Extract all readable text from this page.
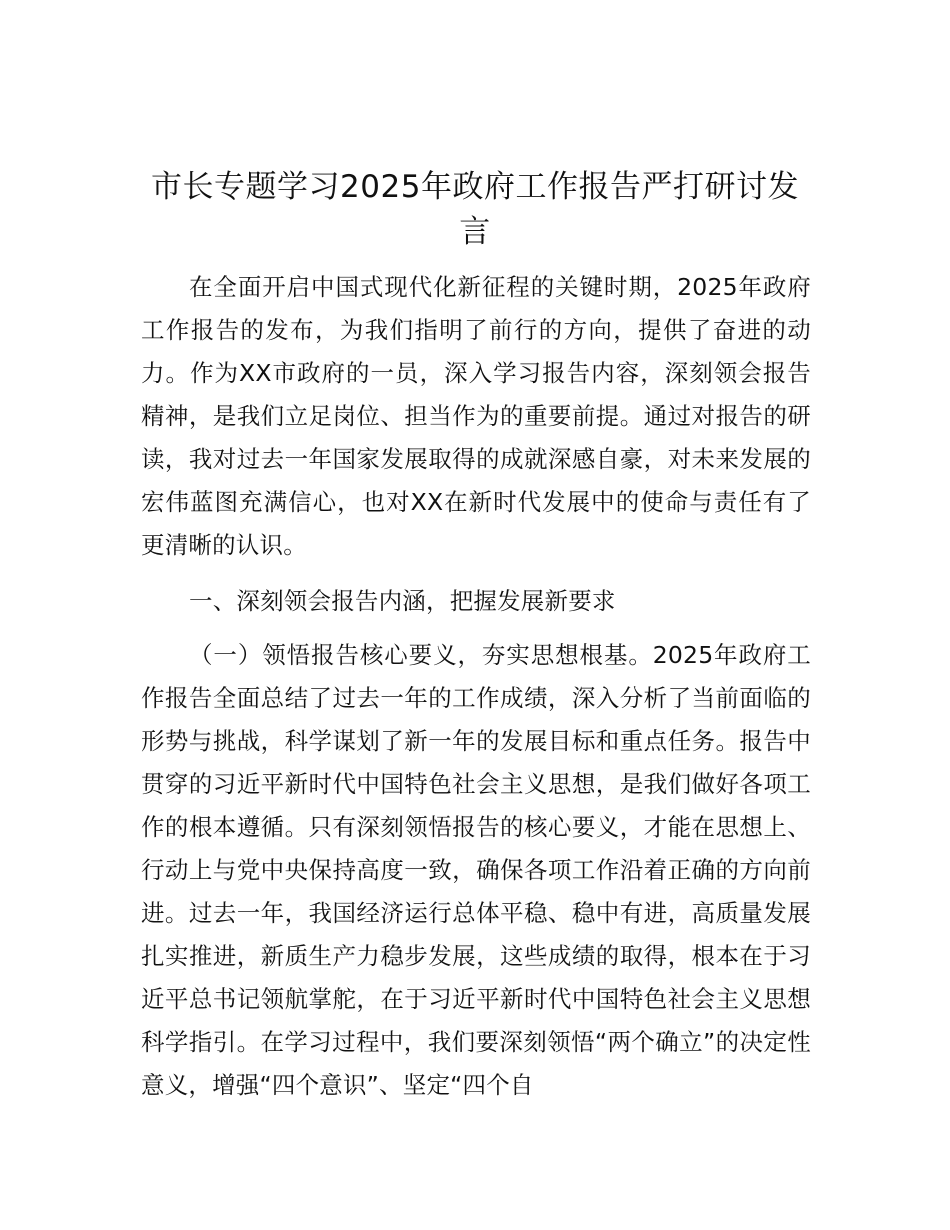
市长专题学习2025年政府工作报告严打研讨发言

在全面开启中国式现代化新征程的关键时期，2025年政府工作报告的发布，为我们指明了前行的方向，提供了奋进的动力。作为XX市政府的一员，深入学习报告内容，深刻领会报告精神，是我们立足岗位、担当作为的重要前提。通过对报告的研读，我对过去一年国家发展取得的成就深感自豪，对未来发展的宏伟蓝图充满信心，也对XX在新时代发展中的使命与责任有了更清晰的认识。

一、深刻领会报告内涵，把握发展新要求

（一）领悟报告核心要义，夯实思想根基。2025年政府工作报告全面总结了过去一年的工作成绩，深入分析了当前面临的形势与挑战，科学谋划了新一年的发展目标和重点任务。报告中贯穿的习近平新时代中国特色社会主义思想，是我们做好各项工作的根本遵循。只有深刻领悟报告的核心要义，才能在思想上、行动上与党中央保持高度一致，确保各项工作沿着正确的方向前进。过去一年，我国经济运行总体平稳、稳中有进，高质量发展扎实推进，新质生产力稳步发展，这些成绩的取得，根本在于习近平总书记领航掌舵，在于习近平新时代中国特色社会主义思想科学指引。在学习过程中，我们要深刻领悟“两个确立”的决定性意义，增强“四个意识”、坚定“四个自
